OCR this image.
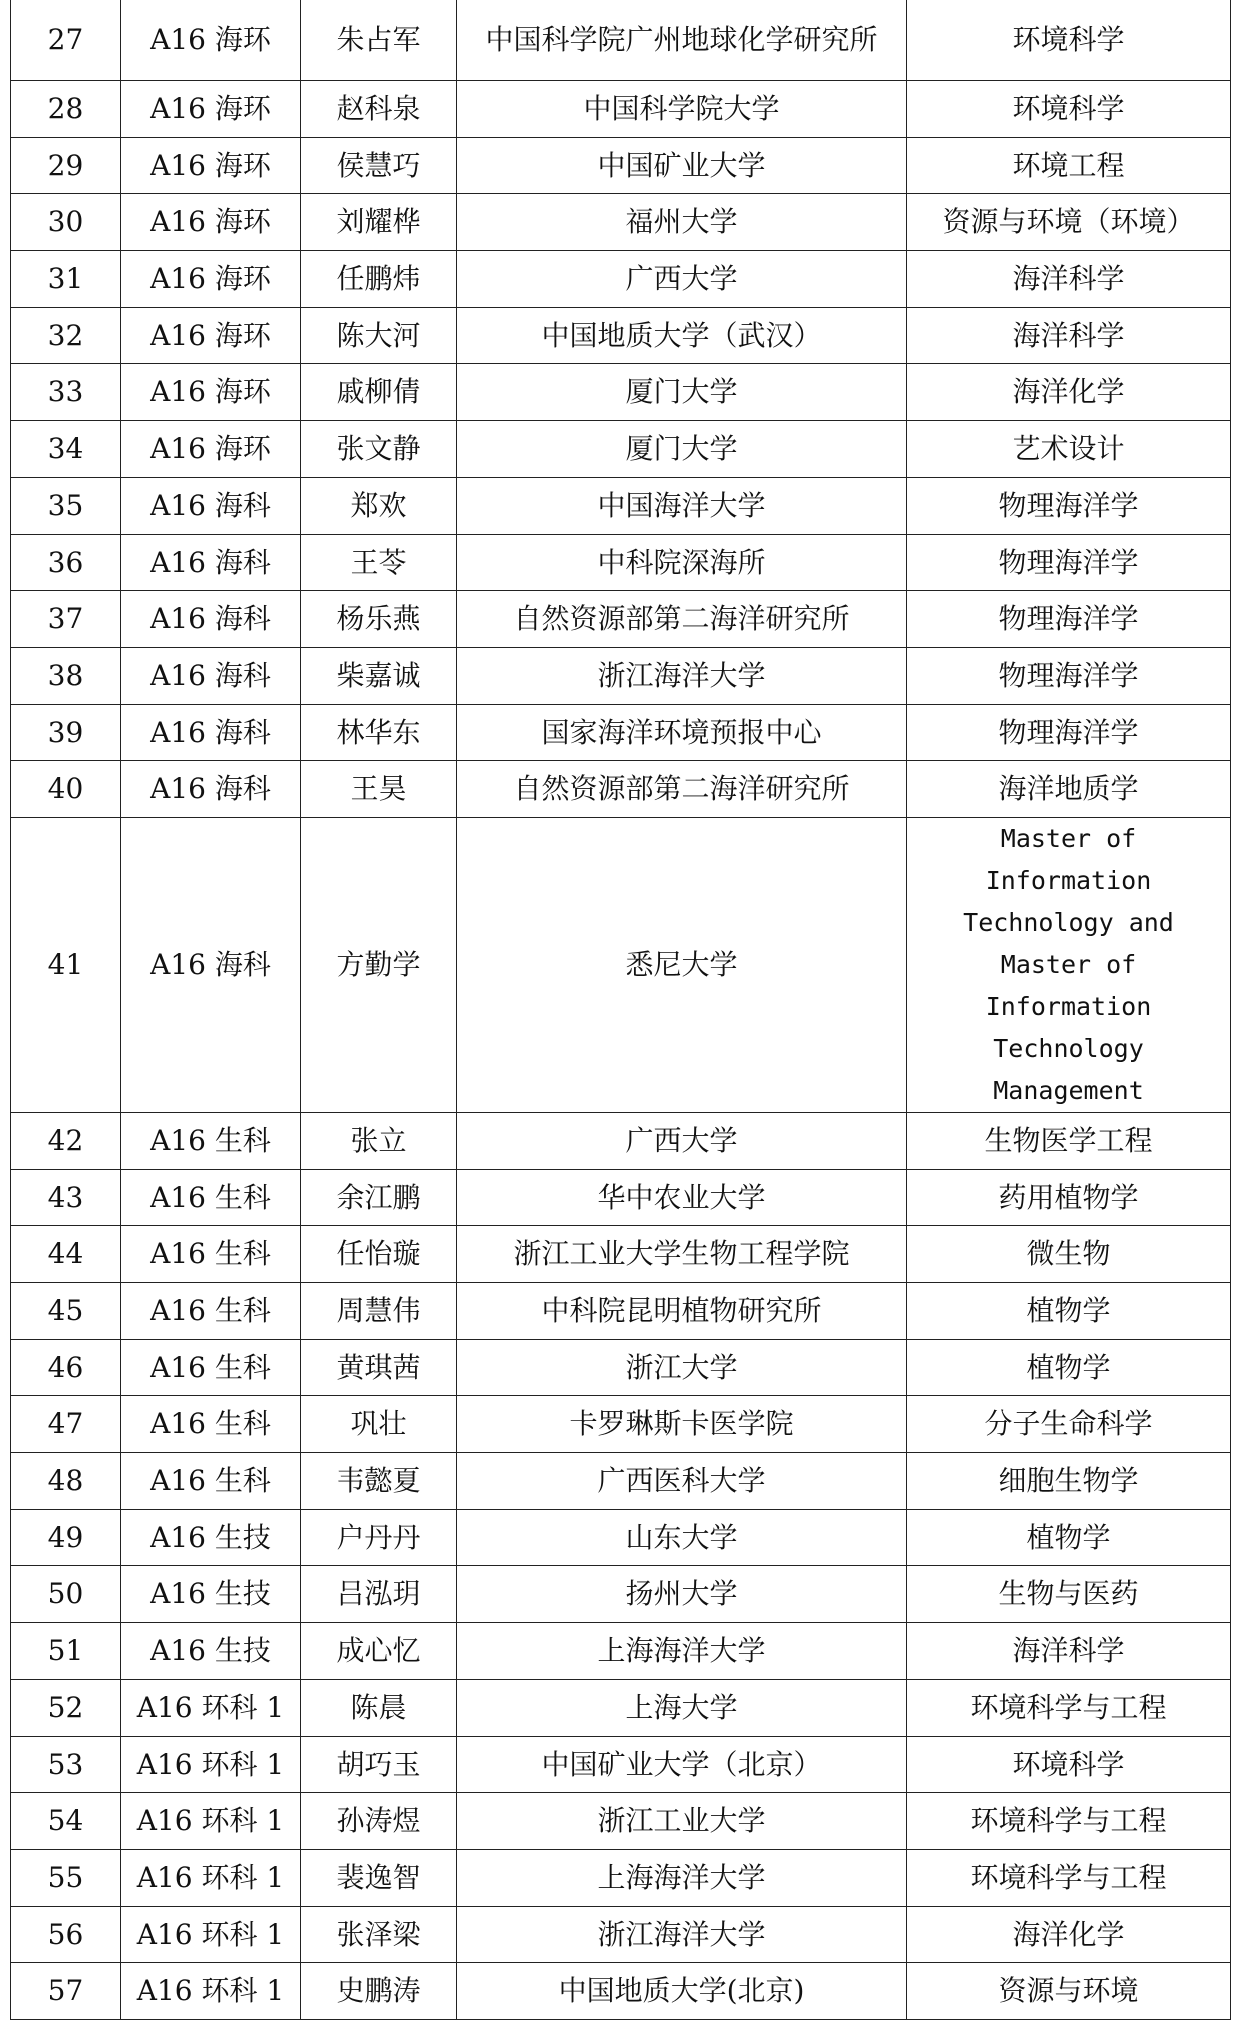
27	A16 海环	朱占军	中国科学院广州地球化学研究所	环境科学
28	A16 海环	赵科泉	中国科学院大学	环境科学
29	A16 海环	侯慧巧	中国矿业大学	环境工程
30	A16 海环	刘耀桦	福州大学	资源与环境（环境）
31	A16 海环	任鹏炜	广西大学	海洋科学
32	A16 海环	陈大河	中国地质大学（武汉）	海洋科学
33	A16 海环	戚柳倩	厦门大学	海洋化学
34	A16 海环	张文静	厦门大学	艺术设计
35	A16 海科	郑欢	中国海洋大学	物理海洋学
36	A16 海科	王苓	中科院深海所	物理海洋学
37	A16 海科	杨乐燕	自然资源部第二海洋研究所	物理海洋学
38	A16 海科	柴嘉诚	浙江海洋大学	物理海洋学
39	A16 海科	林华东	国家海洋环境预报中心	物理海洋学
40	A16 海科	王昊	自然资源部第二海洋研究所	海洋地质学
41	A16 海科	方勤学	悉尼大学	Master of Information Technology and Master of Information Technology Management
42	A16 生科	张立	广西大学	生物医学工程
43	A16 生科	余江鹏	华中农业大学	药用植物学
44	A16 生科	任怡璇	浙江工业大学生物工程学院	微生物
45	A16 生科	周慧伟	中科院昆明植物研究所	植物学
46	A16 生科	黄琪茜	浙江大学	植物学
47	A16 生科	巩壮	卡罗琳斯卡医学院	分子生命科学
48	A16 生科	韦懿夏	广西医科大学	细胞生物学
49	A16 生技	户丹丹	山东大学	植物学
50	A16 生技	吕泓玥	扬州大学	生物与医药
51	A16 生技	成心忆	上海海洋大学	海洋科学
52	A16 环科 1	陈晨	上海大学	环境科学与工程
53	A16 环科 1	胡巧玉	中国矿业大学（北京）	环境科学
54	A16 环科 1	孙涛煜	浙江工业大学	环境科学与工程
55	A16 环科 1	裴逸智	上海海洋大学	环境科学与工程
56	A16 环科 1	张泽梁	浙江海洋大学	海洋化学
57	A16 环科 1	史鹏涛	中国地质大学(北京)	资源与环境
